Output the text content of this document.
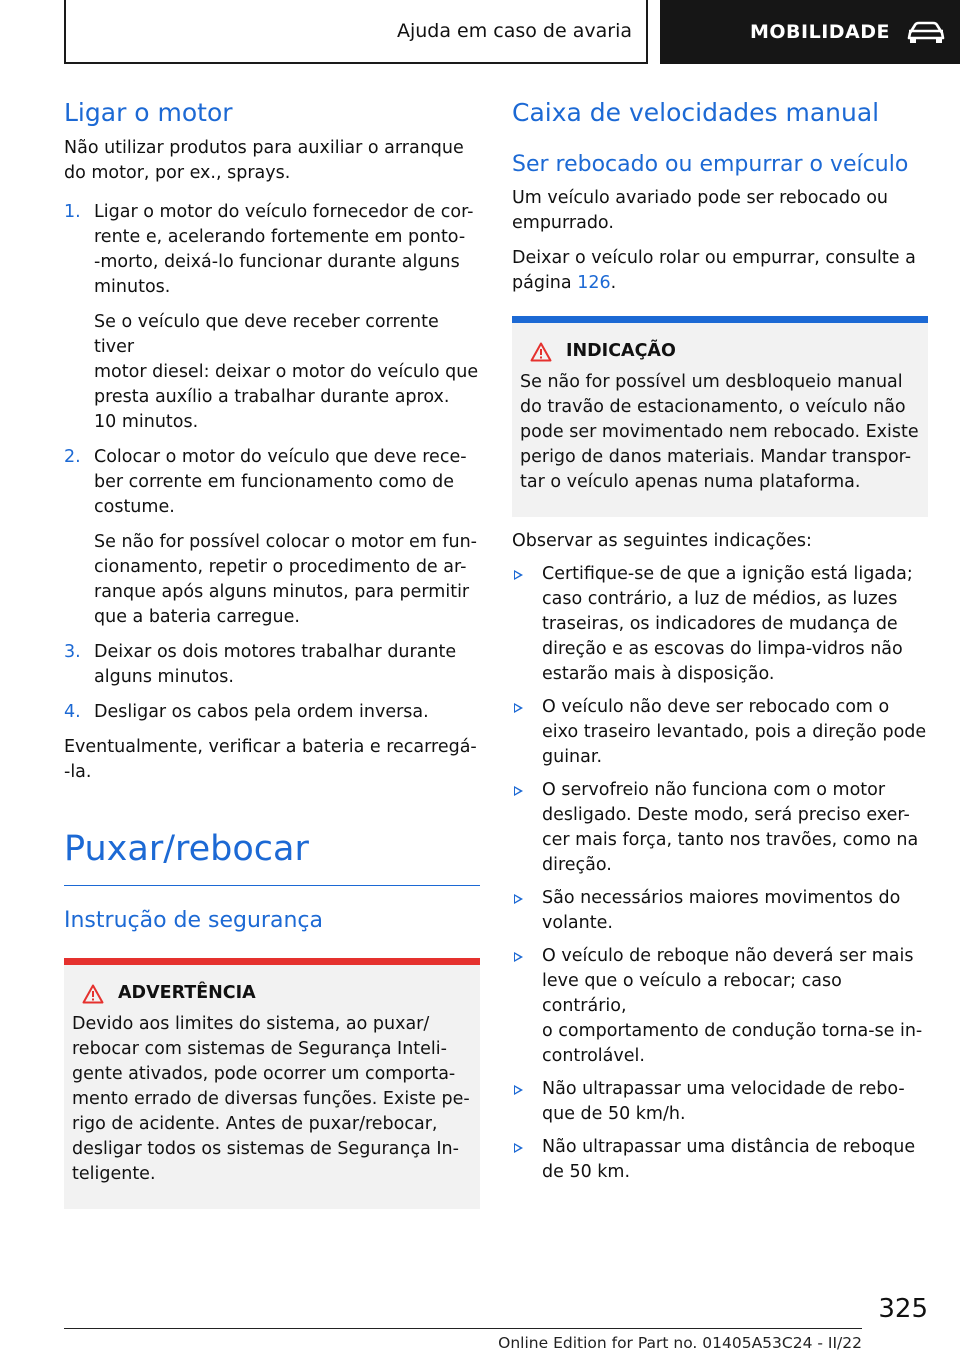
Ajuda em caso de avaria	MOBILIDADE
Ligar o motor

Não utilizar produtos para auxiliar o arranque do motor, por ex., sprays.

1. Ligar o motor do veículo fornecedor de cor-
rente e, acelerando fortemente em ponto-
-morto, deixá-lo funcionar durante alguns
minutos.
Se o veículo que deve receber corrente tiver
motor diesel: deixar o motor do veículo que
presta auxílio a trabalhar durante aprox.
10 minutos.
2. Colocar o motor do veículo que deve rece-
ber corrente em funcionamento como de
costume.
Se não for possível colocar o motor em fun-
cionamento, repetir o procedimento de ar-
ranque após alguns minutos, para permitir
que a bateria carregue.
3. Deixar os dois motores trabalhar durante
alguns minutos.
4. Desligar os cabos pela ordem inversa.

Eventualmente, verificar a bateria e recarregá-
-la.

Puxar/rebocar
Instrução de segurança
ADVERTÊNCIA

Devido aos limites do sistema, ao puxar/
rebocar com sistemas de Segurança Inteli-
gente ativados, pode ocorrer um comporta-
mento errado de diversas funções. Existe pe-
rigo de acidente. Antes de puxar/rebocar,
desligar todos os sistemas de Segurança In-
teligente.

Caixa de velocidades manual
Ser rebocado ou empurrar o veículo

Um veículo avariado pode ser rebocado ou
empurrado.

Deixar o veículo rolar ou empurrar, consulte a
página 126.

INDICAÇÃO

Se não for possível um desbloqueio manual
do travão de estacionamento, o veículo não
pode ser movimentado nem rebocado. Existe
perigo de danos materiais. Mandar transpor-
tar o veículo apenas numa plataforma.

Observar as seguintes indicações:

Certifique-se de que a ignição está ligada;
caso contrário, a luz de médios, as luzes
traseiras, os indicadores de mudança de
direção e as escovas do limpa-vidros não
estarão mais à disposição.
O veículo não deve ser rebocado com o
eixo traseiro levantado, pois a direção pode
guinar.
O servofreio não funciona com o motor
desligado. Deste modo, será preciso exer-
cer mais força, tanto nos travões, como na
direção.
São necessários maiores movimentos do
volante.
O veículo de reboque não deverá ser mais
leve que o veículo a rebocar; caso contrário,
o comportamento de condução torna-se in-
controlável.
Não ultrapassar uma velocidade de rebo-
que de 50 km/h.
Não ultrapassar uma distância de reboque
de 50 km.
325
Online Edition for Part no. 01405A53C24 - II/22
